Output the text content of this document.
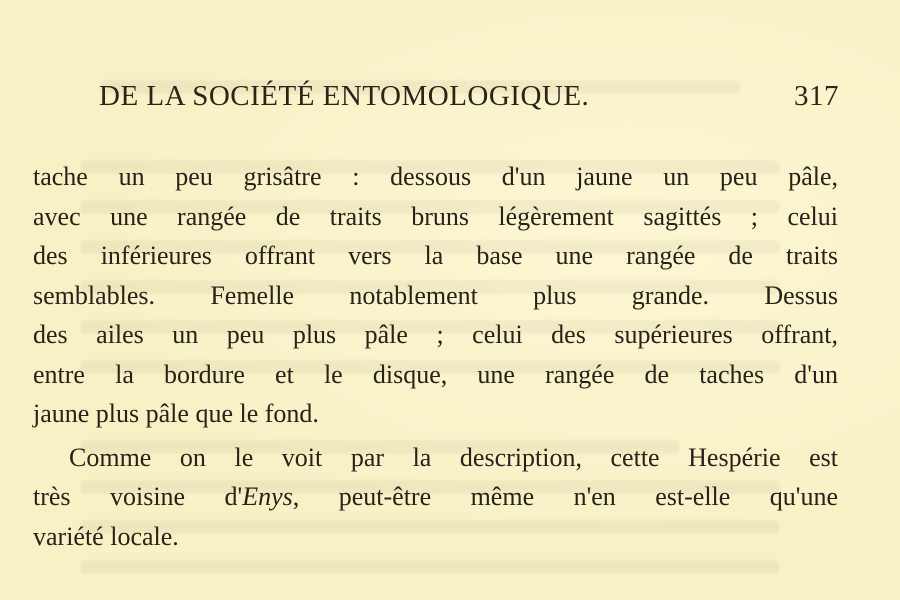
DE LA SOCIÉTÉ ENTOMOLOGIQUE.	317
tache un peu grisâtre : dessous d'un jaune un peu pâle,
avec une rangée de traits bruns légèrement sagittés ; celui
des inférieures offrant vers la base une rangée de traits
semblables. Femelle notablement plus grande. Dessus
des ailes un peu plus pâle ; celui des supérieures offrant,
entre la bordure et le disque, une rangée de taches d'un
jaune plus pâle que le fond.
Comme on le voit par la description, cette Hespérie est
très voisine d'Enys, peut-être même n'en est-elle qu'une
variété locale.
